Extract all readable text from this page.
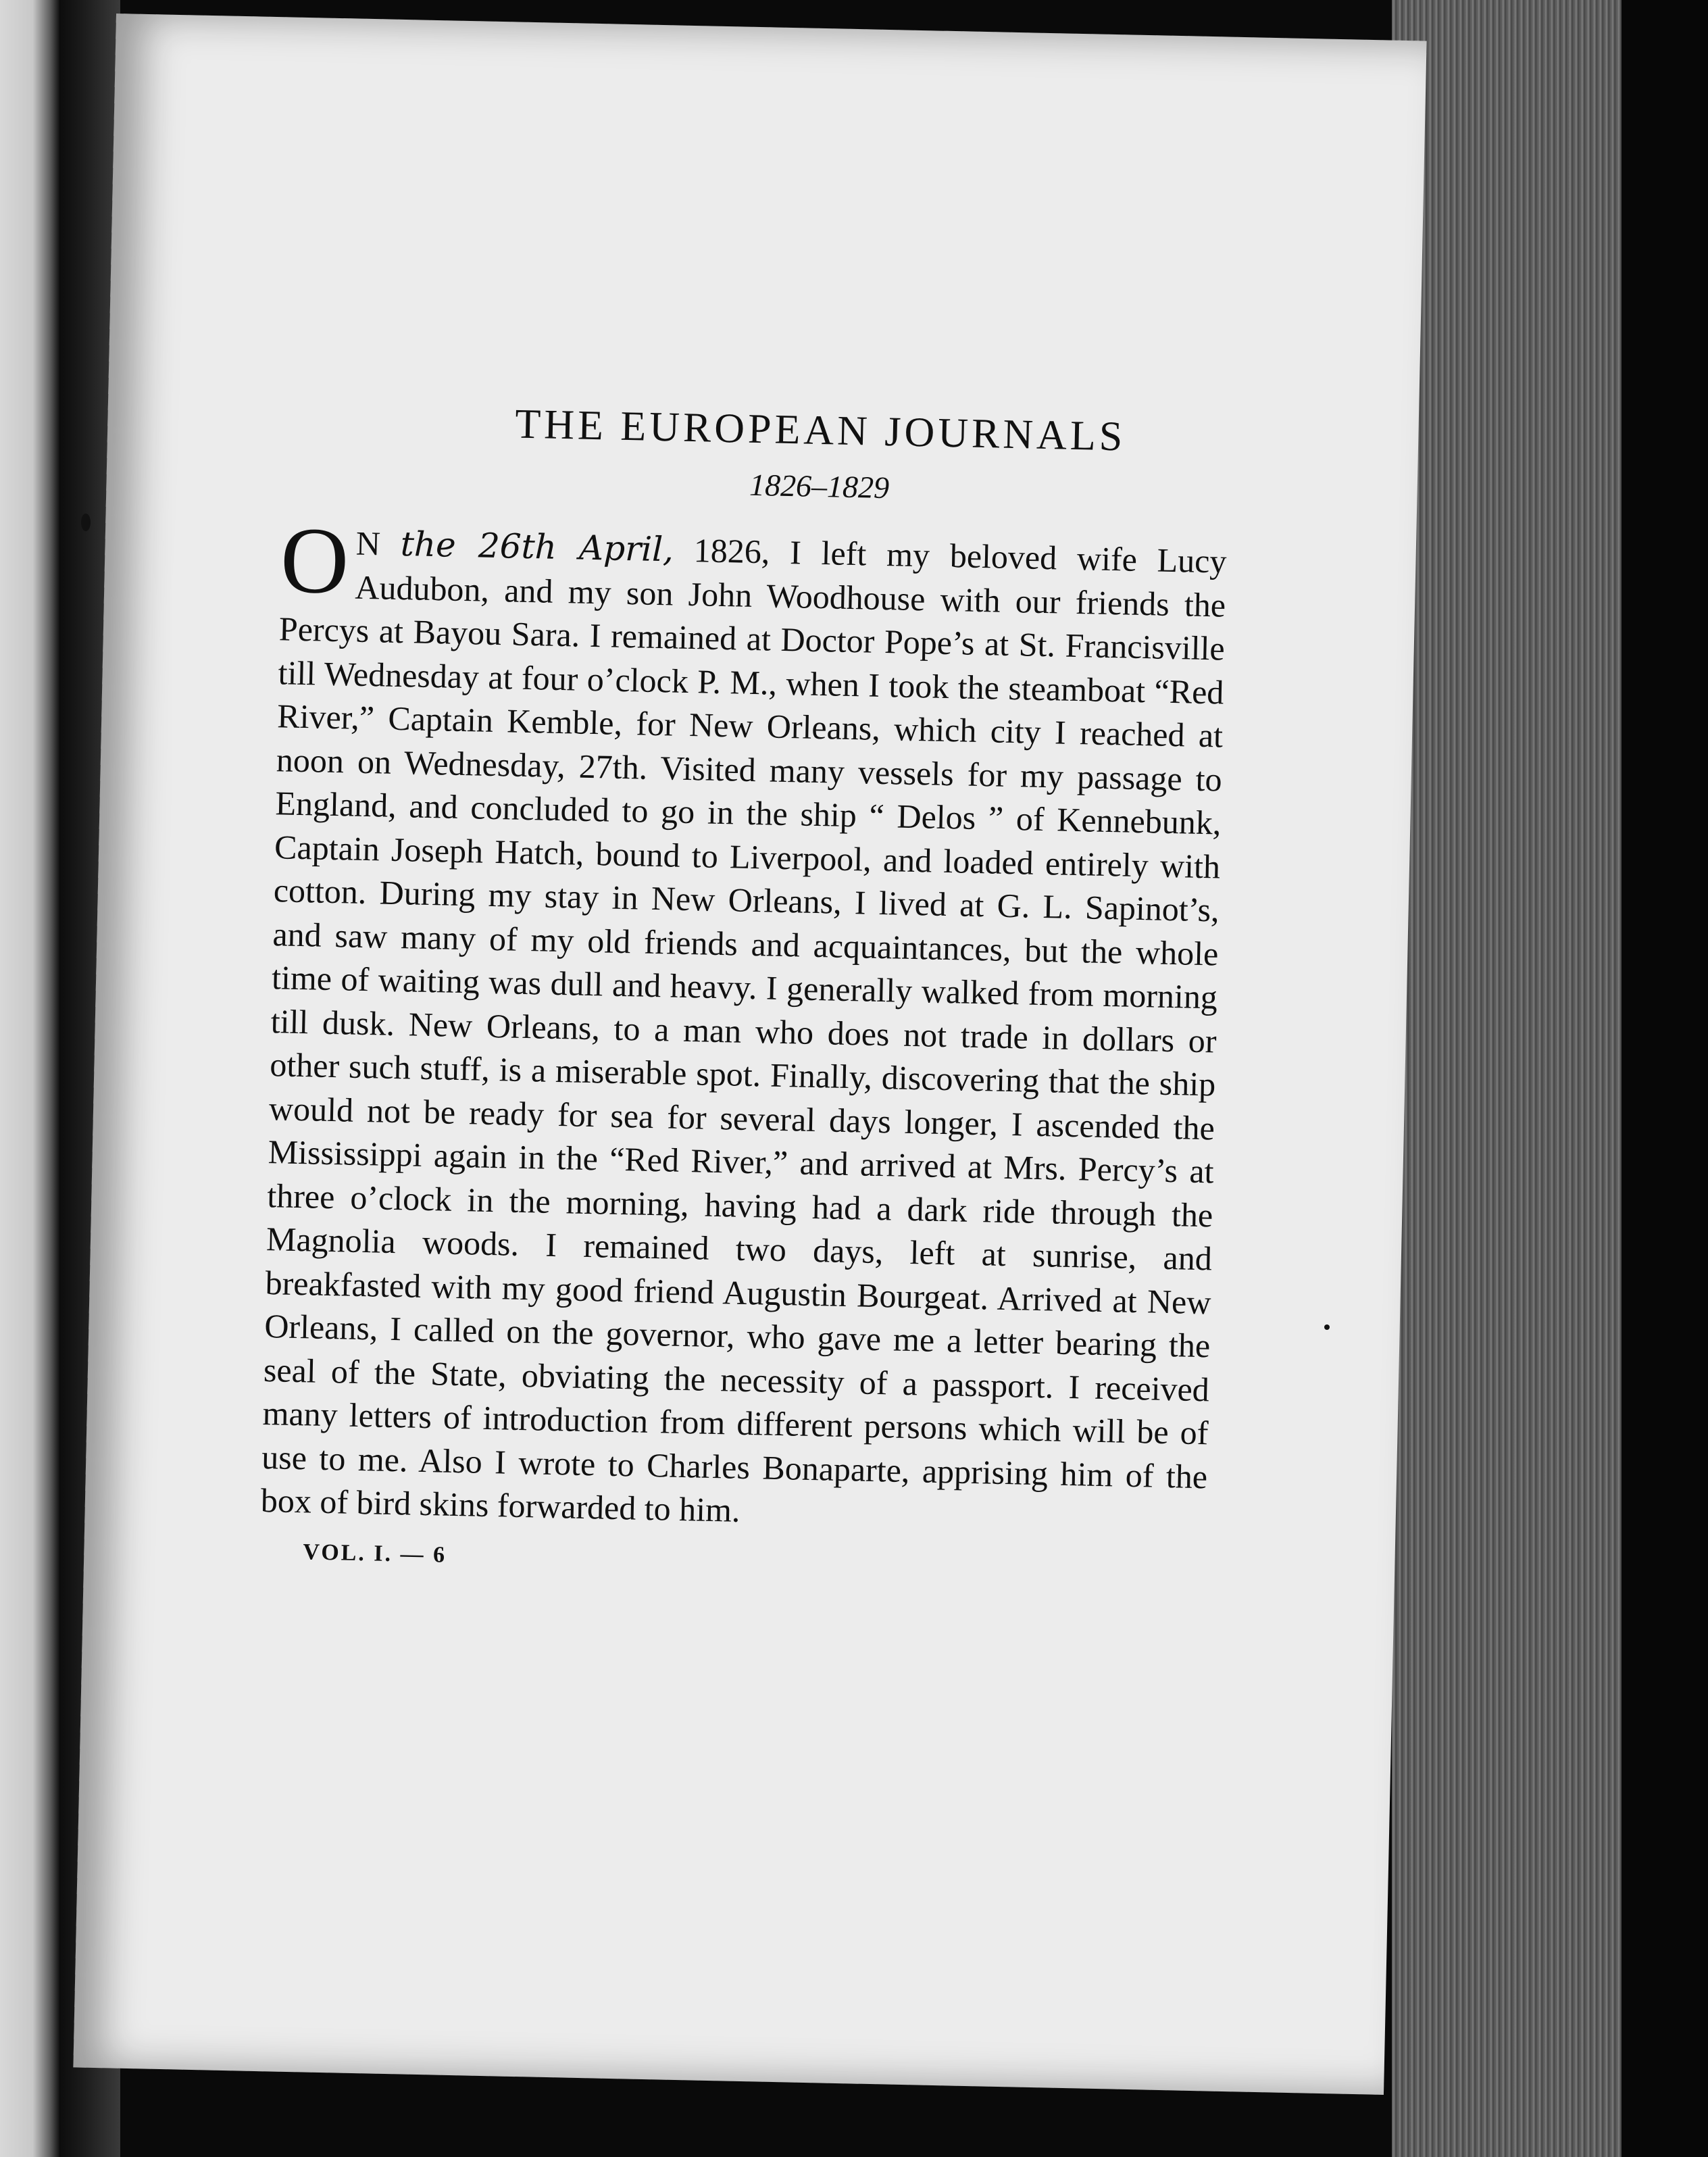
THE EUROPEAN JOURNALS
1826–1829

O N the 26th April, 1826, I left my beloved wife Lucy Audubon, and my son John Woodhouse with our friends the Percys at Bayou Sara. I remained at Doctor Pope’s at St. Francisville till Wednesday at four o’clock P. M., when I took the steamboat “Red River,” Captain Kemble, for New Orleans, which city I reached at noon on Wednesday, 27th. Visited many vessels for my passage to England, and concluded to go in the ship “ Delos ” of Kennebunk, Captain Joseph Hatch, bound to Liverpool, and loaded entirely with cotton. During my stay in New Orleans, I lived at G. L. Sapinot’s, and saw many of my old friends and acquaintances, but the whole time of waiting was dull and heavy. I generally walked from morning till dusk. New Orleans, to a man who does not trade in dollars or other such stuff, is a miserable spot. Finally, discovering that the ship would not be ready for sea for several days longer, I ascended the Mississippi again in the “Red River,” and arrived at Mrs. Percy’s at three o’clock in the morning, having had a dark ride through the Magnolia woods. I remained two days, left at sunrise, and breakfasted with my good friend Augustin Bourgeat. Arrived at New Orleans, I called on the governor, who gave me a letter bearing the seal of the State, obviating the necessity of a passport. I received many letters of introduction from different persons which will be of use to me. Also I wrote to Charles Bonaparte, apprising him of the box of bird skins forwarded to him.

VOL. I. — 6
